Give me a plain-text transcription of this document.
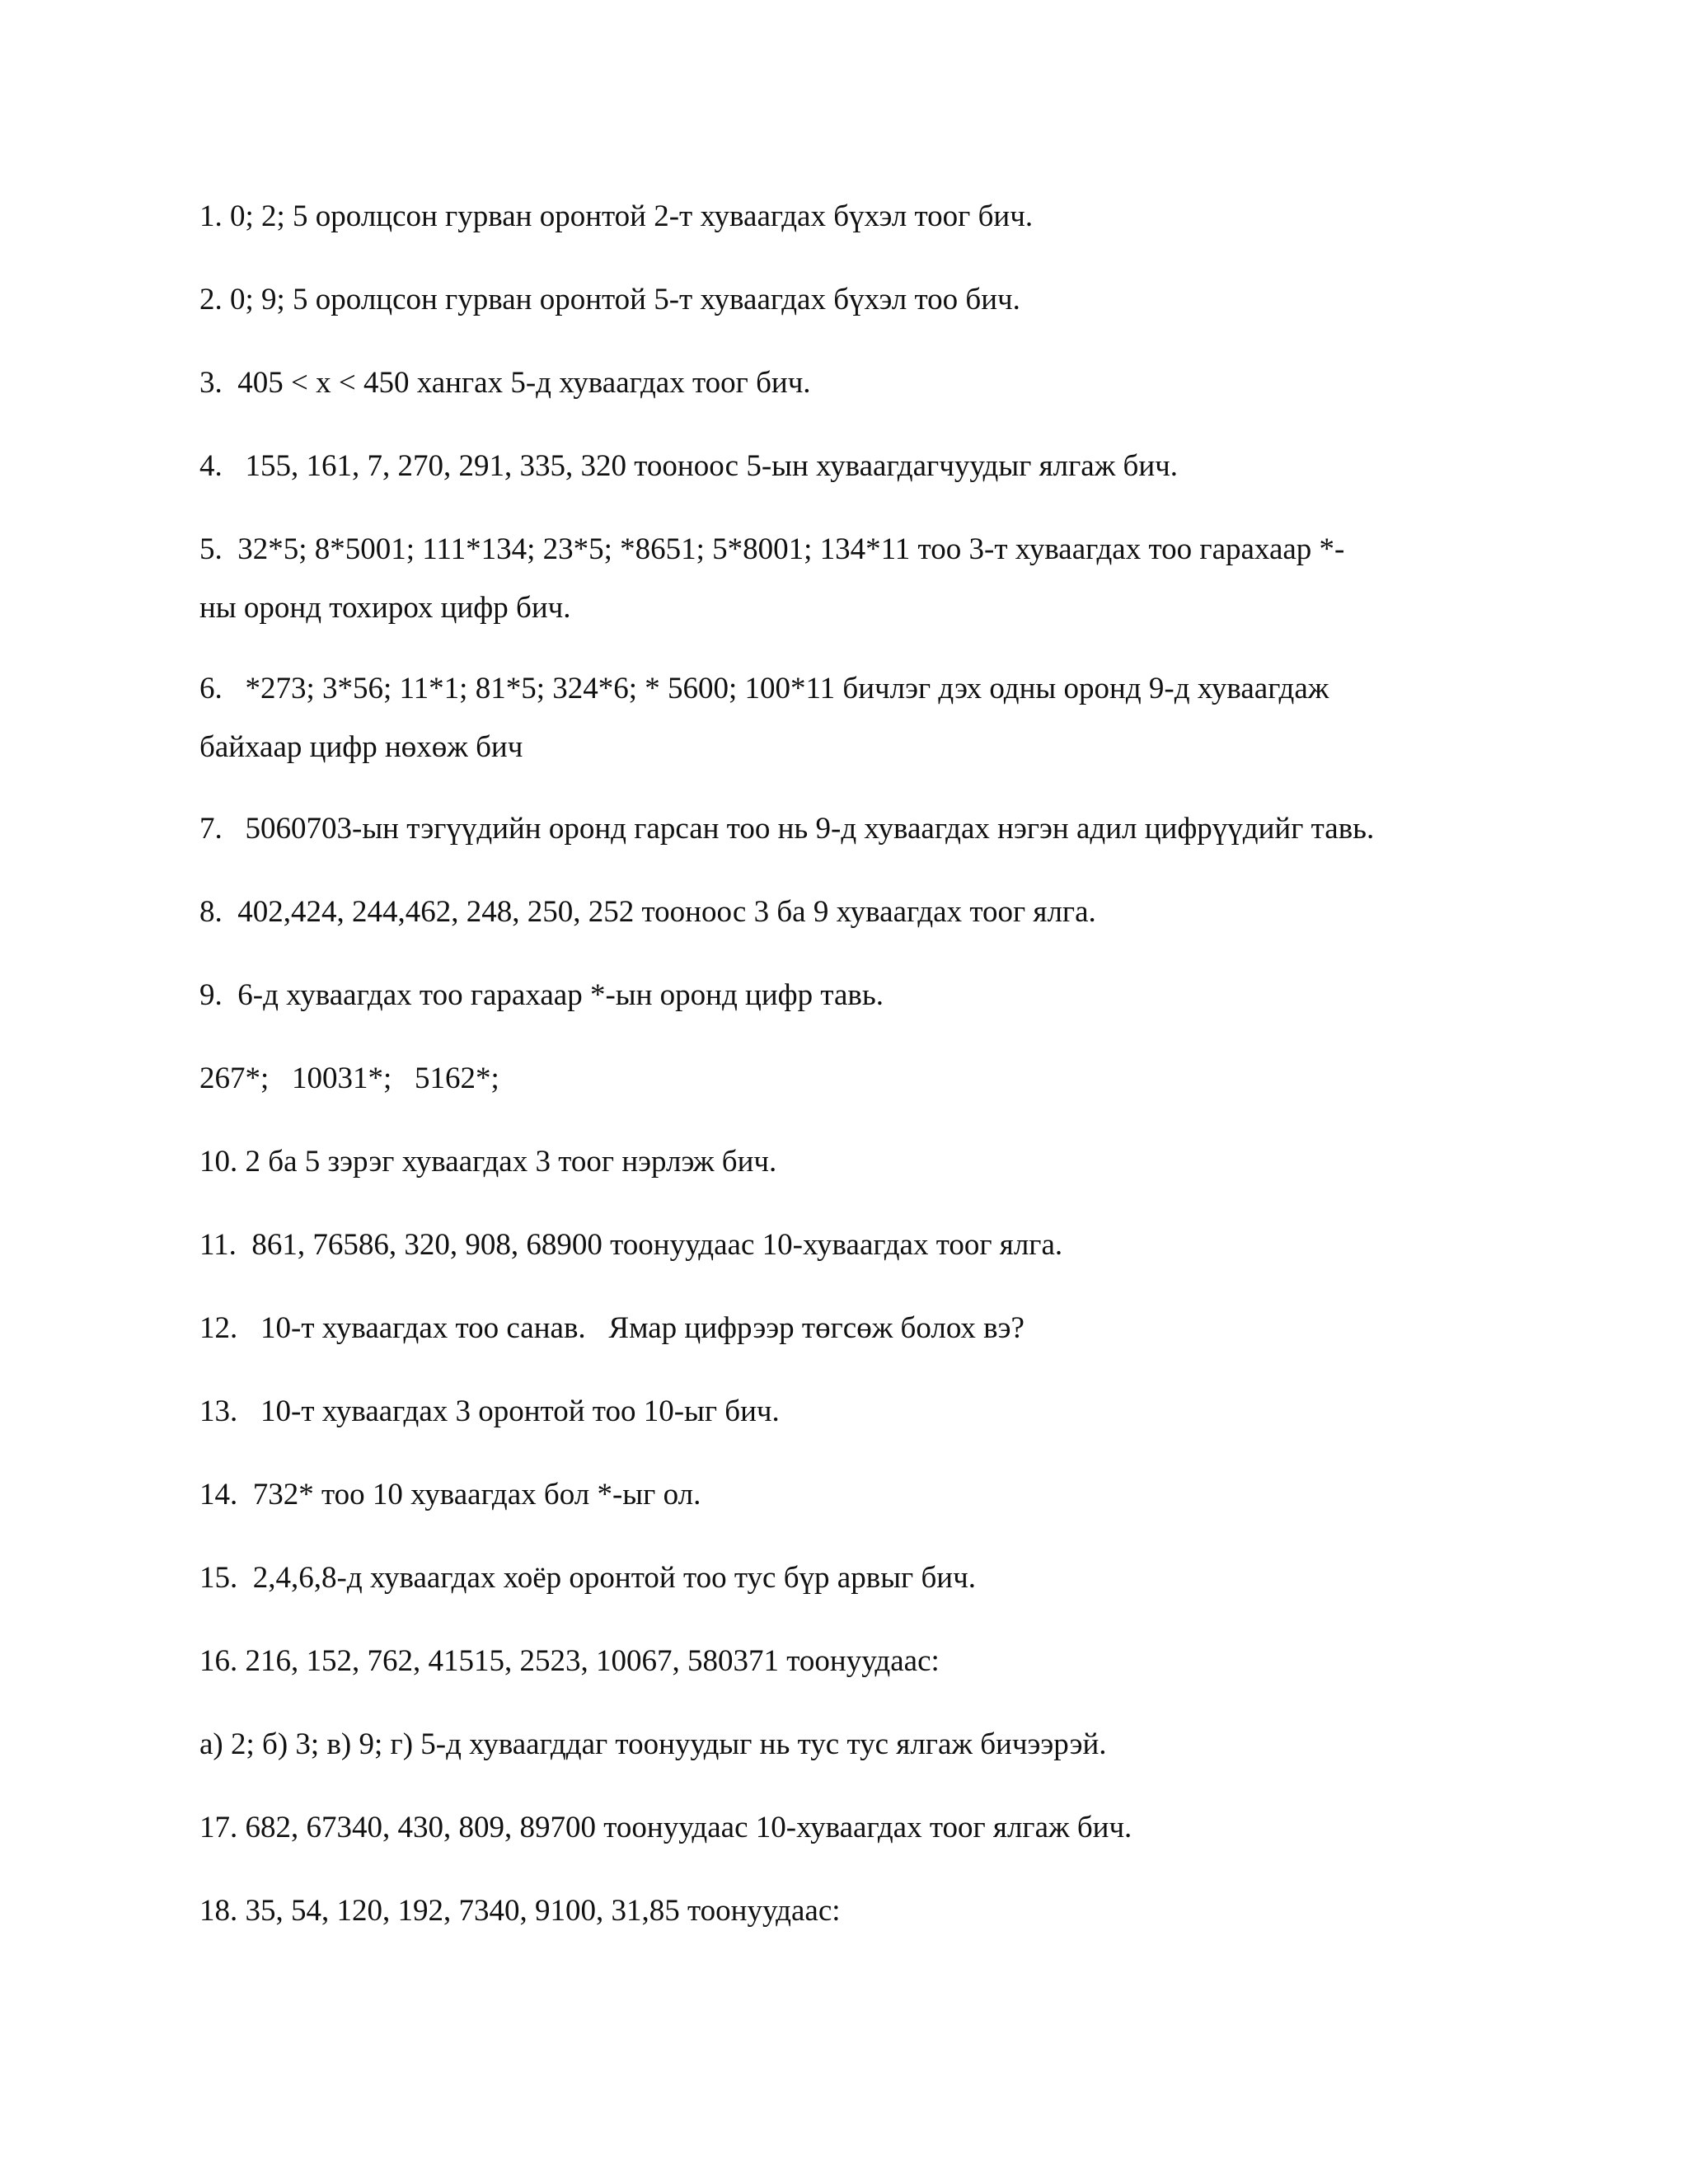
1. 0; 2; 5 оролцсон гурван оронтой 2-т хуваагдах бүхэл тоог бич.
2. 0; 9; 5 оролцсон гурван оронтой 5-т хуваагдах бүхэл тоо бич.
3.  405 < x < 450 хангах 5-д хуваагдах тоог бич.
4.   155, 161, 7, 270, 291, 335, 320 тооноос 5-ын хуваагдагчуудыг ялгаж бич.
5.  32*5; 8*5001; 111*134; 23*5; *8651; 5*8001; 134*11 тоо 3-т хуваагдах тоо гарахаар *-
ны оронд тохирох цифр бич.
6.   *273; 3*56; 11*1; 81*5; 324*6; * 5600; 100*11 бичлэг дэх одны оронд 9-д хуваагдаж
байхаар цифр нөхөж бич
7.   5060703-ын тэгүүдийн оронд гарсан тоо нь 9-д хуваагдах нэгэн адил цифрүүдийг тавь.
8.  402,424, 244,462, 248, 250, 252 тооноос 3 ба 9 хуваагдах тоог ялга.
9.  6-д хуваагдах тоо гарахаар *-ын оронд цифр тавь.
267*;   10031*;   5162*;
10. 2 ба 5 зэрэг хуваагдах 3 тоог нэрлэж бич.
11.  861, 76586, 320, 908, 68900 тоонуудаас 10-хуваагдах тоог ялга.
12.   10-т хуваагдах тоо санав.   Ямар цифрээр төгсөж болох вэ?
13.   10-т хуваагдах 3 оронтой тоо 10-ыг бич.
14.  732* тоо 10 хуваагдах бол *-ыг ол.
15.  2,4,6,8-д хуваагдах хоёр оронтой тоо тус бүр арвыг бич.
16. 216, 152, 762, 41515, 2523, 10067, 580371 тоонуудаас:
а) 2; б) 3; в) 9; г) 5-д хуваагддаг тоонуудыг нь тус тус ялгаж бичээрэй.
17. 682, 67340, 430, 809, 89700 тоонуудаас 10-хуваагдах тоог ялгаж бич.
18. 35, 54, 120, 192, 7340, 9100, 31,85 тоонуудаас:
